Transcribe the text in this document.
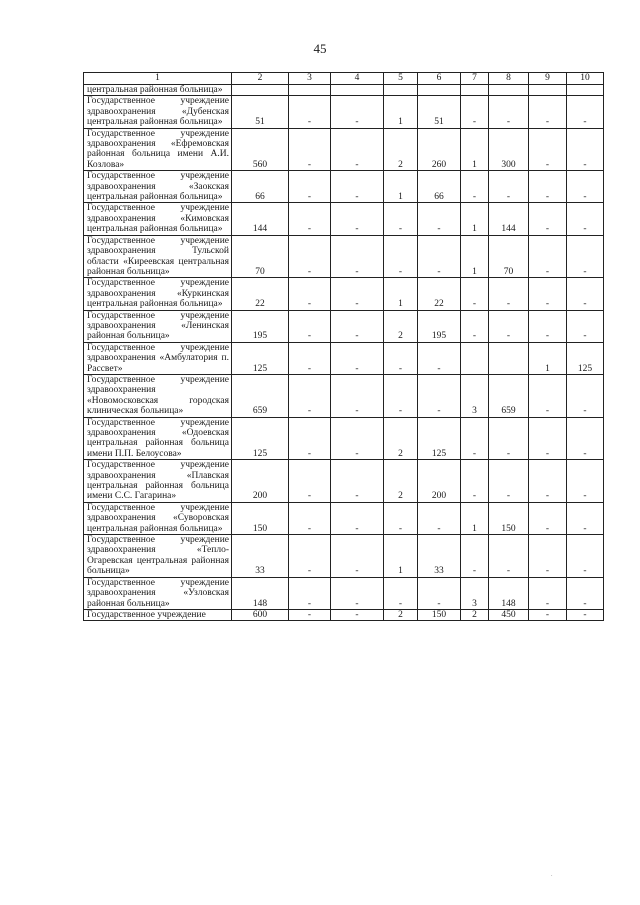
45
1	2	3	4	5	6	7	8	9	10
центральная районная больница»									
Государственное учреждение здравоохранения «Дубенская центральная районная больница»	51	-	-	1	51	-	-	-	-
Государственное учреждение здравоохранения «Ефремовская районная больница имени А.И. Козлова»	560	-	-	2	260	1	300	-	-
Государственное учреждение здравоохранения «Заокская центральная районная больница»	66	-	-	1	66	-	-	-	-
Государственное учреждение здравоохранения «Кимовская центральная районная больница»	144	-	-	-	-	1	144	-	-
Государственное учреждение здравоохранения Тульской области «Киреевская центральная районная больница»	70	-	-	-	-	1	70	-	-
Государственное учреждение здравоохранения «Куркинская центральная районная больница»	22	-	-	1	22	-	-	-	-
Государственное учреждение здравоохранения «Ленинская районная больница»	195	-	-	2	195	-	-	-	-
Государственное учреждение здравоохранения «Амбулатория п. Рассвет»	125	-	-	-	-			1	125
Государственное учреждение здравоохранения «Новомосковская городская клиническая больница»	659	-	-	-	-	3	659	-	-
Государственное учреждение здравоохранения «Одоевская центральная районная больница имени П.П. Белоусова»	125	-	-	2	125	-	-	-	-
Государственное учреждение здравоохранения «Плавская центральная районная больница имени С.С. Гагарина»	200	-	-	2	200	-	-	-	-
Государственное учреждение здравоохранения «Суворовская центральная районная больница»	150	-	-	-	-	1	150	-	-
Государственное учреждение здравоохранения «Тепло-Огаревская центральная районная больница»	33	-	-	1	33	-	-	-	-
Государственное учреждение здравоохранения «Узловская районная больница»	148	-	-	-	-	3	148	-	-
Государственное учреждение	600	-	-	2	150	2	450	-	-
.
